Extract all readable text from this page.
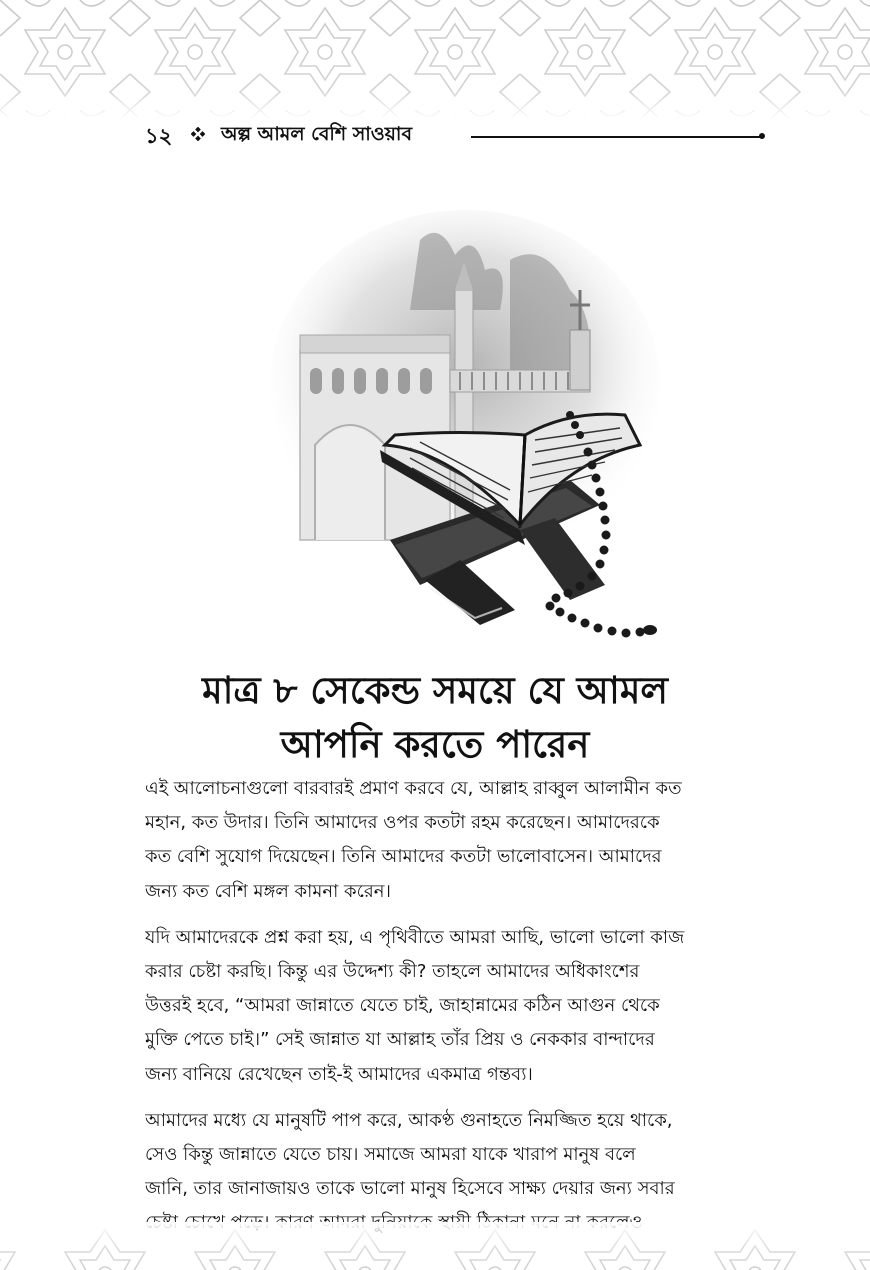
১২	অল্প আমল বেশি সাওয়াব
মাত্র ৮ সেকেন্ড সময়ে যে আমল
আপনি করতে পারেন

এই আলোচনাগুলো বারবারই প্রমাণ করবে যে, আল্লাহ রাব্বুল আলামীন কত
মহান, কত উদার। তিনি আমাদের ওপর কতটা রহম করেছেন। আমাদেরকে
কত বেশি সুযোগ দিয়েছেন। তিনি আমাদের কতটা ভালোবাসেন। আমাদের
জন্য কত বেশি মঙ্গল কামনা করেন।

যদি আমাদেরকে প্রশ্ন করা হয়, এ পৃথিবীতে আমরা আছি, ভালো ভালো কাজ
করার চেষ্টা করছি। কিন্তু এর উদ্দেশ্য কী? তাহলে আমাদের অধিকাংশের
উত্তরই হবে, “আমরা জান্নাতে যেতে চাই, জাহান্নামের কঠিন আগুন থেকে
মুক্তি পেতে চাই।” সেই জান্নাত যা আল্লাহ তাঁর প্রিয় ও নেককার বান্দাদের
জন্য বানিয়ে রেখেছেন তাই-ই আমাদের একমাত্র গন্তব্য।

আমাদের মধ্যে যে মানুষটি পাপ করে, আকণ্ঠ গুনাহতে নিমজ্জিত হয়ে থাকে,
সেও কিন্তু জান্নাতে যেতে চায়। সমাজে আমরা যাকে খারাপ মানুষ বলে
জানি, তার জানাজায়ও তাকে ভালো মানুষ হিসেবে সাক্ষ্য দেয়ার জন্য সবার
